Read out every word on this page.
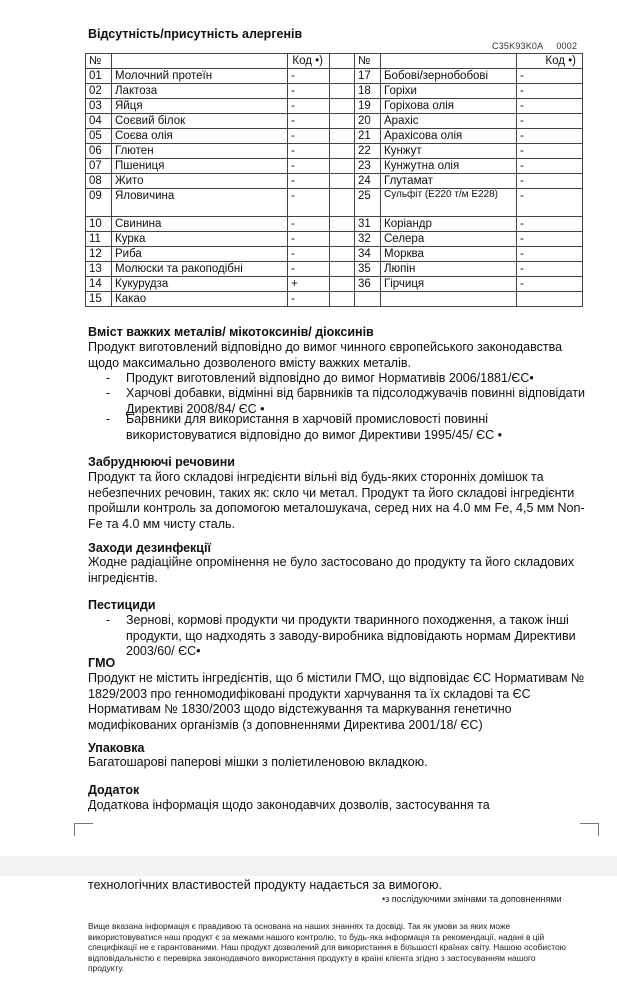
Відсутність/присутність алергенів
C35K93K0A     0002
№		Код •)		№		Код •)
01	Молочний протеїн	-		17	Бобові/зернобобові	-
02	Лактоза	-		18	Горіхи	-
03	Яйця	-		19	Горіхова олія	-
04	Соєвий білок	-		20	Арахіс	-
05	Соєва олія	-		21	Арахісова олія	-
06	Глютен	-		22	Кунжут	-
07	Пшениця	-		23	Кунжутна олія	-
08	Жито	-		24	Глутамат	-
09	Яловичина	-		25	Сульфіт (Е220 т/м Е228)	-
10	Свинина	-		31	Коріандр	-
11	Курка	-		32	Селера	-
12	Риба	-		34	Морква	-
13	Молюски та ракоподібні	-		35	Люпін	-
14	Кукурудза	+		36	Гірчиця	-
15	Какао	-				
Вміст важких металів/ мікотоксинів/ діоксинів
Продукт виготовлений відповідно до вимог чинного європейського законодавства щодо максимально дозволеного вмісту важких металів.
- Продукт виготовлений відповідно до вимог Нормативів 2006/1881/ЄС•
- Харчові добавки, відмінні від барвників та підсолоджувачів повинні відповідати Директиві 2008/84/ ЄС •
- Барвники для використання в харчовій промисловості повинні використовуватися відповідно до вимог Директиви 1995/45/ ЄС •
Забруднюючі речовини
Продукт та його складові інгредієнти вільні від будь-яких сторонніх домішок та небезпечних речовин, таких як: скло чи метал. Продукт та його складові інгредієнти пройшли контроль за допомогою металошукача, серед них на 4.0 мм Fe, 4,5 мм Non-Fe та 4.0 мм чисту сталь.
Заходи дезинфекції
Жодне радіаційне опромінення не було застосовано до продукту та його складових інгредієнтів.
Пестициди
- Зернові, кормові продукти чи продукти тваринного походження, а також інші продукти, що надходять з заводу-виробника відповідають нормам Директиви 2003/60/ ЄС•
ГМО
Продукт не містить інгредієнтів, що б містили ГМО, що відповідає ЄС Нормативам № 1829/2003 про генномодифіковані продукти харчування та їх складові та ЄС Нормативам № 1830/2003 щодо відстежування та маркування генетично модифікованих організмів (з доповненнями Директива 2001/18/ ЄС)
Упаковка
Багатошарові паперові мішки з поліетиленовою вкладкою.
Додаток
Додаткова інформація щодо законодавчих дозволів, застосування та
технологічних властивостей продукту надається за вимогою.
•з послідуючими змінами та доповненнями
Вище вказана інформація є правдивою та основана на наших знаннях та досвіді. Так як умови за яких може використовуватися наш продукт є за межами нашого контролю, то будь-яка інформація та рекомендації, надані в цій специфікації не є гарантованими. Наш продукт дозволений для використання в більшості країнах світу. Нашою особистою відповідальністю є перевірка законодавчого використання продукту в країні клієнта згідно з застосуванням нашого продукту.
